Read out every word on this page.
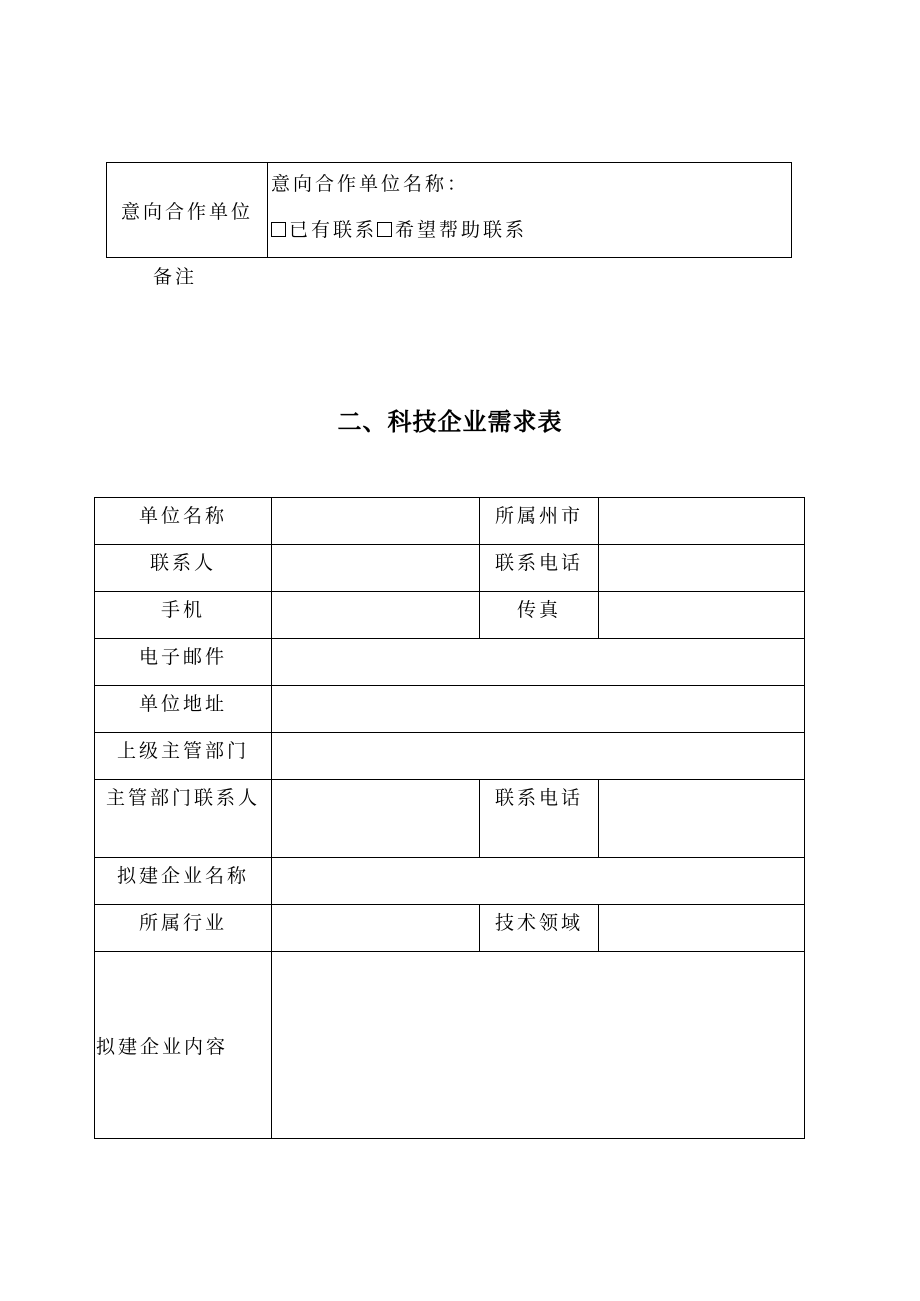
意向合作单位
意向合作单位名称：
已有联系 希望帮助联系
备注
二、科技企业需求表
单位名称		所属州市	
联系人		联系电话	
手机		传真	
电子邮件			
单位地址			
上级主管部门			
主管部门联系人		联系电话	
拟建企业名称			
所属行业		技术领域	
拟建企业内容			
